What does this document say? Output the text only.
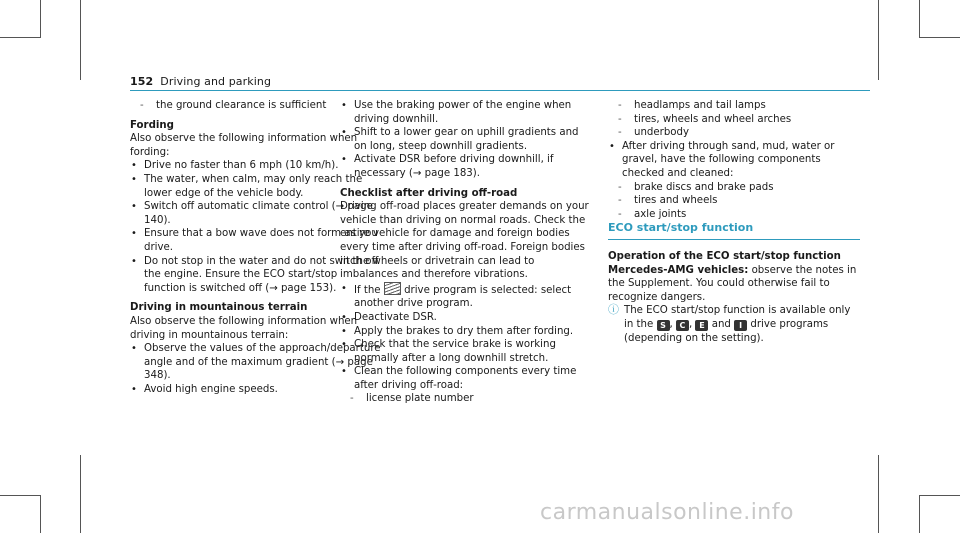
152 Driving and parking

- the ground clearance is sufficient

Fording

Also observe the following information when fording:

• Drive no faster than 6 mph (10 km/h).

• The water, when calm, may only reach the lower edge of the vehicle body.

• Switch off automatic climate control (→ page 140).

• Ensure that a bow wave does not form as you drive.

• Do not stop in the water and do not switch off the engine. Ensure the ECO start/stop function is switched off (→ page 153).

Driving in mountainous terrain

Also observe the following information when driving in mountainous terrain:

• Observe the values of the approach/departure angle and of the maximum gradient (→ page 348).

• Avoid high engine speeds.

• Use the braking power of the engine when driving downhill.

• Shift to a lower gear on uphill gradients and on long, steep downhill gradients.

• Activate DSR before driving downhill, if necessary (→ page 183).

Checklist after driving off-road

Driving off-road places greater demands on your vehicle than driving on normal roads. Check the entire vehicle for damage and foreign bodies every time after driving off-road. Foreign bodies in the wheels or drivetrain can lead to imbalances and therefore vibrations.

• If the drive program is selected: select another drive program.

• Deactivate DSR.

• Apply the brakes to dry them after fording.

• Check that the service brake is working normally after a long downhill stretch.

• Clean the following components every time after driving off-road:

- license plate number

- headlamps and tail lamps

- tires, wheels and wheel arches

- underbody

• After driving through sand, mud, water or gravel, have the following components checked and cleaned:

- brake discs and brake pads

- tires and wheels

- axle joints

ECO start/stop function

Operation of the ECO start/stop function

Mercedes-AMG vehicles: observe the notes in the Supplement. You could otherwise fail to recognize dangers.

ⓘ The ECO start/stop function is available only in the S , C , E and I drive programs (depending on the setting).

carmanualsonline.info
